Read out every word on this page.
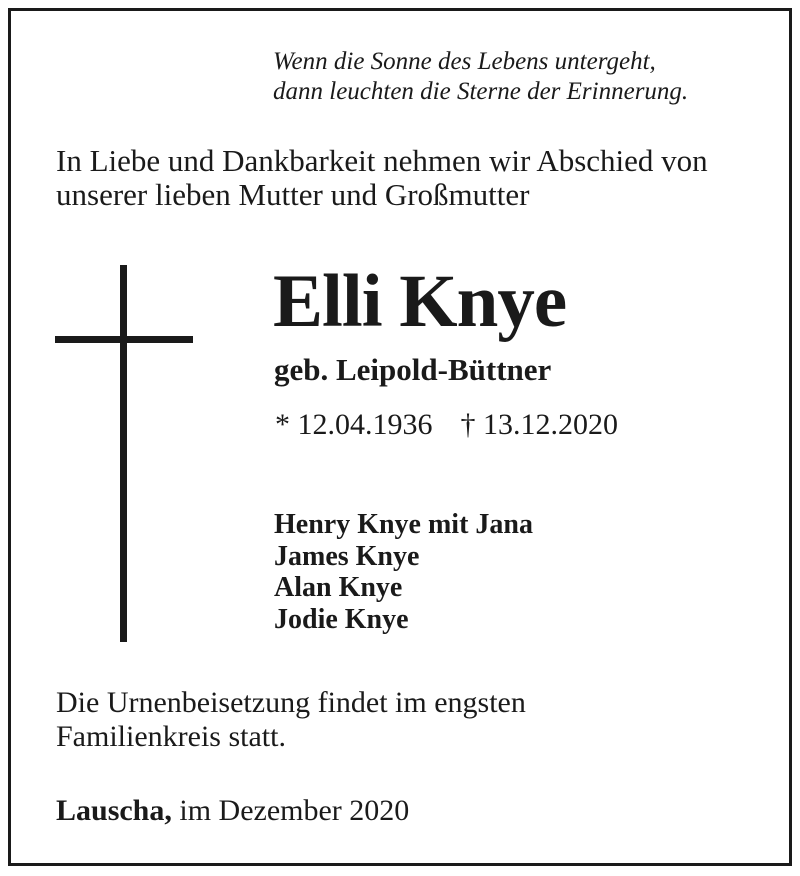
Wenn die Sonne des Lebens untergeht,
dann leuchten die Sterne der Erinnerung.
In Liebe und Dankbarkeit nehmen wir Abschied von
unserer lieben Mutter und Großmutter
Elli Knye
geb. Leipold-Büttner
* 12.04.1936 † 13.12.2020
Henry Knye mit Jana
James Knye
Alan Knye
Jodie Knye
Die Urnenbeisetzung findet im engsten
Familienkreis statt.
Lauscha, im Dezember 2020
